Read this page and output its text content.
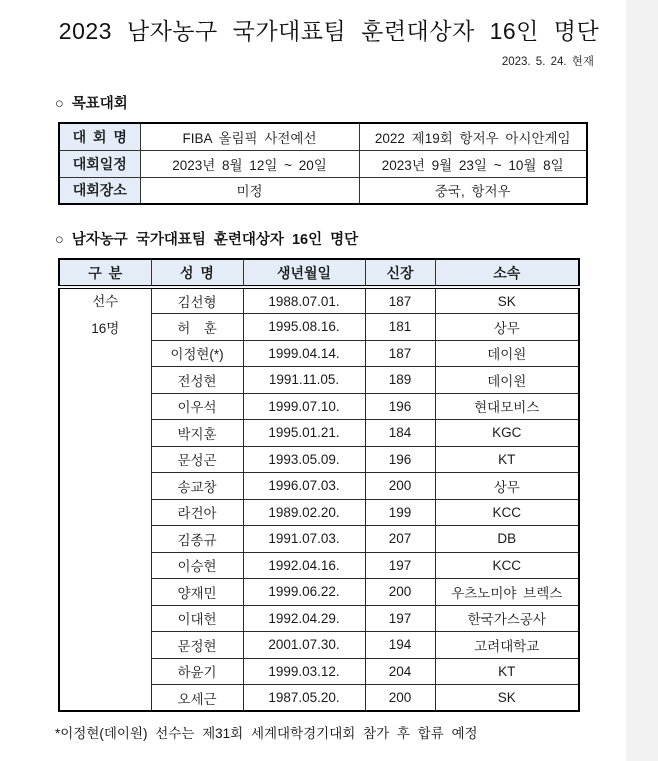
2023 남자농구 국가대표팀 훈련대상자 16인 명단
2023. 5. 24. 현재
○ 목표대회
대 회 명	FIBA 올림픽 사전예선	2022 제19회 항저우 아시안게임
대회일정	2023년 8월 12일 ~ 20일	2023년 9월 23일 ~ 10월 8일
대회장소	미정	중국, 항저우
○ 남자농구 국가대표팀 훈련대상자 16인 명단
구 분	성 명	생년월일	신장	소속

선수
16명	김선형	1988.07.01.	187	SK
	허  훈	1995.08.16.	181	상무
	이정현(*)	1999.04.14.	187	데이원
	전성현	1991.11.05.	189	데이원
	이우석	1999.07.10.	196	현대모비스
	박지훈	1995.01.21.	184	KGC
	문성곤	1993.05.09.	196	KT
	송교창	1996.07.03.	200	상무
	라건아	1989.02.20.	199	KCC
	김종규	1991.07.03.	207	DB
	이승현	1992.04.16.	197	KCC
	양재민	1999.06.22.	200	우츠노미야 브렉스
	이대헌	1992.04.29.	197	한국가스공사
	문정현	2001.07.30.	194	고려대학교
	하윤기	1999.03.12.	204	KT
	오세근	1987.05.20.	200	SK
*이정현(데이원) 선수는 제31회 세계대학경기대회 참가 후 합류 예정
